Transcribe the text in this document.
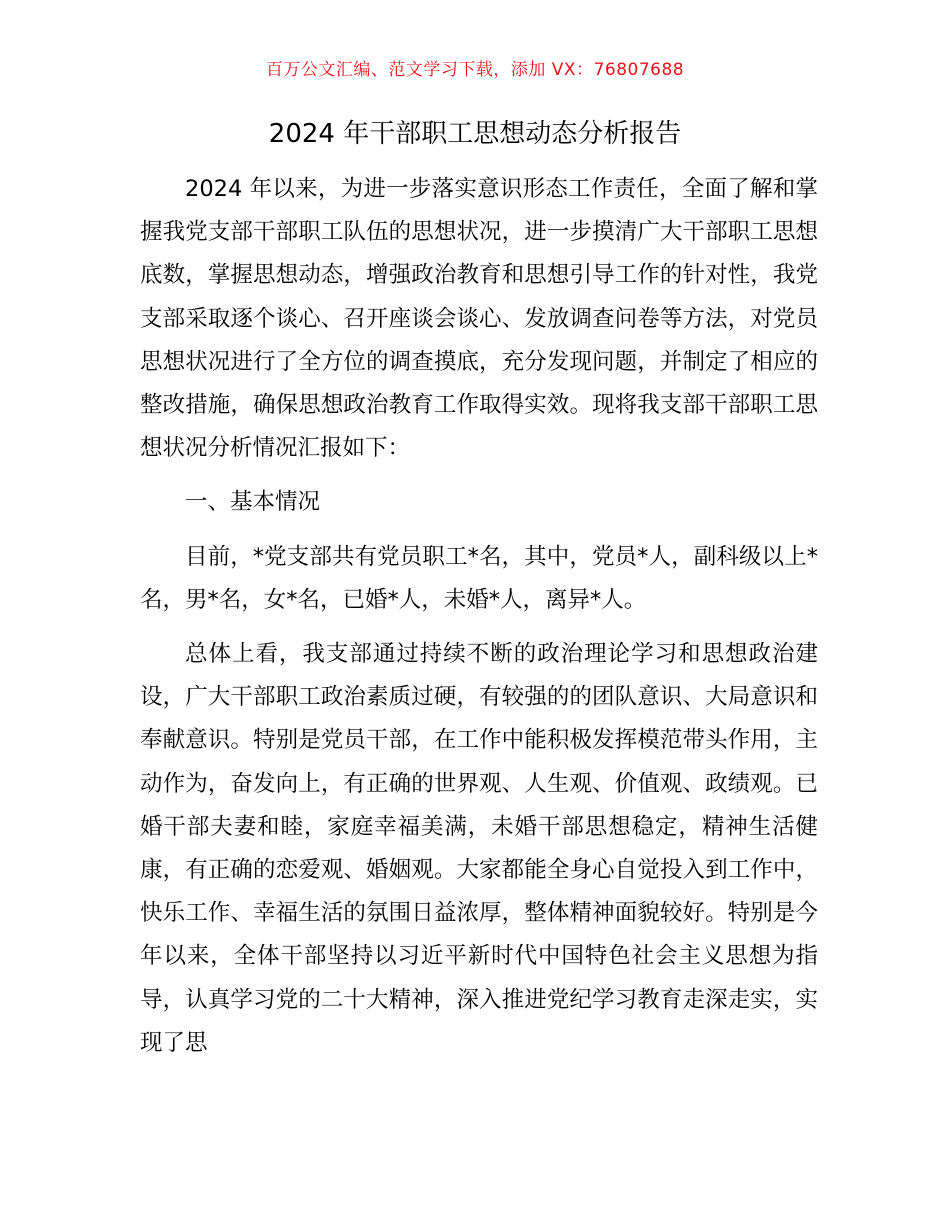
百万公文汇编、范文学习下载，添加 VX：76807688
2024 年干部职工思想动态分析报告

2024 年以来，为进一步落实意识形态工作责任，全面了解和掌握我党支部干部职工队伍的思想状况，进一步摸清广大干部职工思想底数，掌握思想动态，增强政治教育和思想引导工作的针对性，我党支部采取逐个谈心、召开座谈会谈心、发放调查问卷等方法，对党员思想状况进行了全方位的调查摸底，充分发现问题，并制定了相应的整改措施，确保思想政治教育工作取得实效。现将我支部干部职工思想状况分析情况汇报如下：

一、基本情况

目前，*党支部共有党员职工*名，其中，党员*人，副科级以上*名，男*名，女*名，已婚*人，未婚*人，离异*人。

总体上看，我支部通过持续不断的政治理论学习和思想政治建设，广大干部职工政治素质过硬，有较强的的团队意识、大局意识和奉献意识。特别是党员干部，在工作中能积极发挥模范带头作用，主动作为，奋发向上，有正确的世界观、人生观、价值观、政绩观。已婚干部夫妻和睦，家庭幸福美满，未婚干部思想稳定，精神生活健康，有正确的恋爱观、婚姻观。大家都能全身心自觉投入到工作中，快乐工作、幸福生活的氛围日益浓厚，整体精神面貌较好。特别是今年以来，全体干部坚持以习近平新时代中国特色社会主义思想为指导，认真学习党的二十大精神，深入推进党纪学习教育走深走实，实现了思
